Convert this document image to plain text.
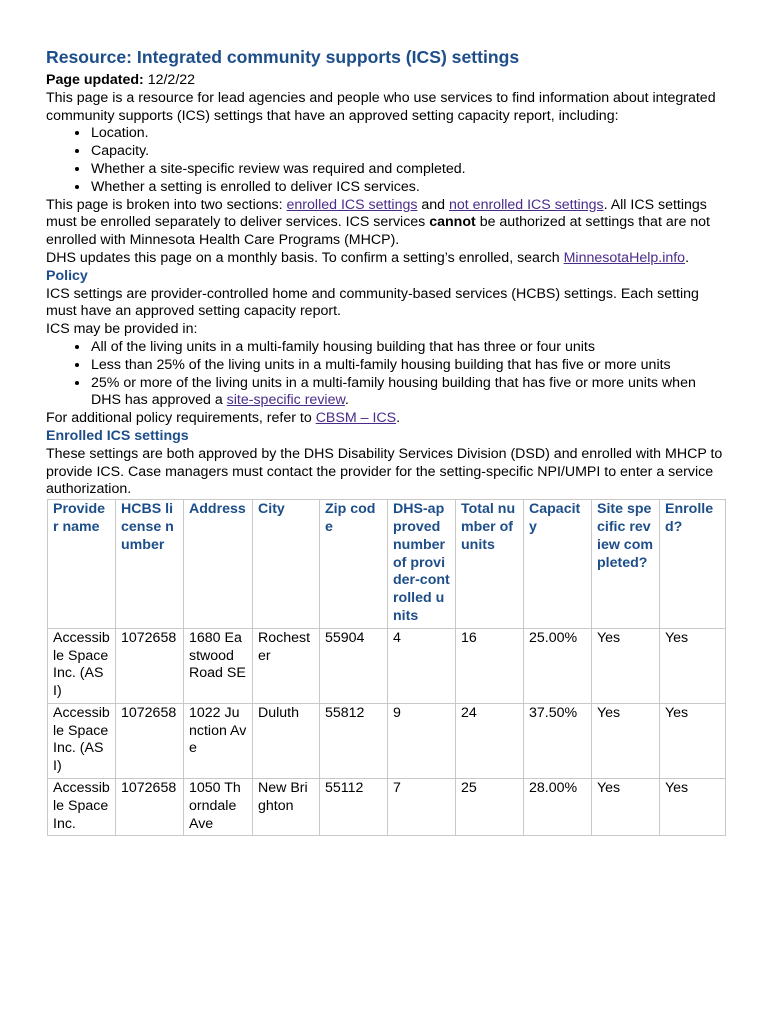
Resource: Integrated community supports (ICS) settings

Page updated: 12/2/22

This page is a resource for lead agencies and people who use services to find information about integrated community supports (ICS) settings that have an approved setting capacity report, including:

• Location.
• Capacity.
• Whether a site-specific review was required and completed.
• Whether a setting is enrolled to deliver ICS services.

This page is broken into two sections: enrolled ICS settings and not enrolled ICS settings. All ICS settings must be enrolled separately to deliver services. ICS services cannot be authorized at settings that are not enrolled with Minnesota Health Care Programs (MHCP).

DHS updates this page on a monthly basis. To confirm a setting’s enrolled, search MinnesotaHelp.info.

Policy

ICS settings are provider-controlled home and community-based services (HCBS) settings. Each setting must have an approved setting capacity report.

ICS may be provided in:

• All of the living units in a multi-family housing building that has three or four units
• Less than 25% of the living units in a multi-family housing building that has five or more units
• 25% or more of the living units in a multi-family housing building that has five or more units when DHS has approved a site-specific review.

For additional policy requirements, refer to CBSM – ICS.

Enrolled ICS settings

These settings are both approved by the DHS Disability Services Division (DSD) and enrolled with MHCP to provide ICS. Case managers must contact the provider for the setting-specific NPI/UMPI to enter a service authorization.

Provider name	HCBS license number	Address	City	Zip code	DHS-approved number of provider-controlled units	Total number of units	Capacity	Site specific review completed?	Enrolled?
Accessible Space Inc. (ASI)	1072658	1680 Eastwood Road SE	Rochester	55904	4	16	25.00%	Yes	Yes
Accessible Space Inc. (ASI)	1072658	1022 Junction Ave	Duluth	55812	9	24	37.50%	Yes	Yes
Accessible Space Inc.	1072658	1050 Thorndale Ave	New Brighton	55112	7	25	28.00%	Yes	Yes
